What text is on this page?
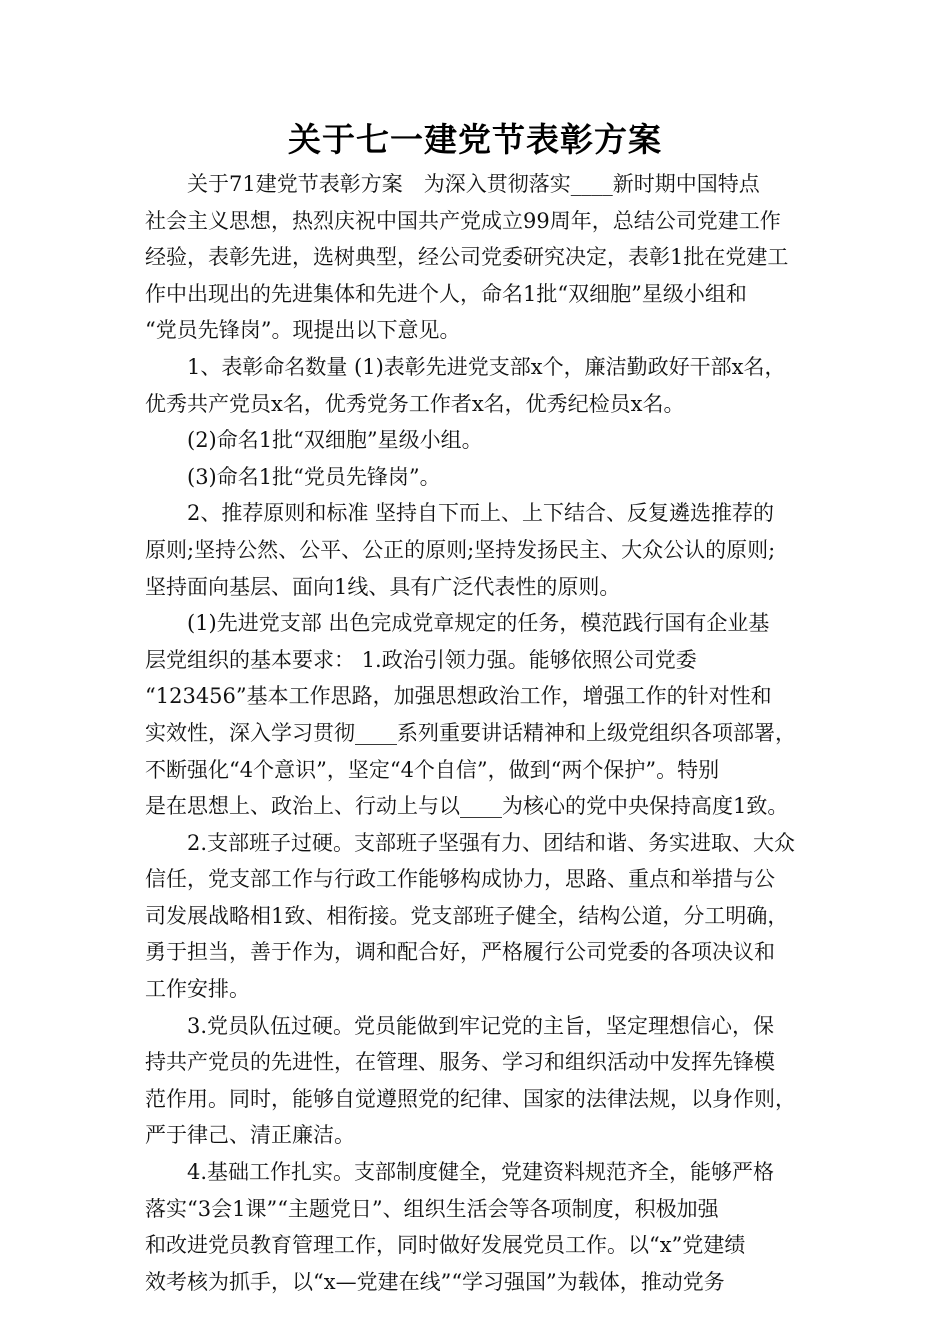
关于七一建党节表彰方案
关于71建党节表彰方案　为深入贯彻落实____新时期中国特点
社会主义思想，热烈庆祝中国共产党成立99周年，总结公司党建工作
经验，表彰先进，选树典型，经公司党委研究决定，表彰1批在党建工
作中出现出的先进集体和先进个人，命名1批“双细胞”星级小组和
“党员先锋岗”。现提出以下意见。
1、表彰命名数量 (1)表彰先进党支部x个，廉洁勤政好干部x名，
优秀共产党员x名，优秀党务工作者x名，优秀纪检员x名。
(2)命名1批“双细胞”星级小组。
(3)命名1批“党员先锋岗”。
2、推荐原则和标准 坚持自下而上、上下结合、反复遴选推荐的
原则;坚持公然、公平、公正的原则;坚持发扬民主、大众公认的原则;
坚持面向基层、面向1线、具有广泛代表性的原则。
(1)先进党支部 出色完成党章规定的任务，模范践行国有企业基
层党组织的基本要求： 1.政治引领力强。能够依照公司党委
“123456”基本工作思路，加强思想政治工作，增强工作的针对性和
实效性，深入学习贯彻____系列重要讲话精神和上级党组织各项部署，
不断强化“4个意识”，坚定“4个自信”，做到“两个保护”。特别
是在思想上、政治上、行动上与以____为核心的党中央保持高度1致。
2.支部班子过硬。支部班子坚强有力、团结和谐、务实进取、大众
信任，党支部工作与行政工作能够构成协力，思路、重点和举措与公
司发展战略相1致、相衔接。党支部班子健全，结构公道，分工明确，
勇于担当，善于作为，调和配合好，严格履行公司党委的各项决议和
工作安排。
3.党员队伍过硬。党员能做到牢记党的主旨，坚定理想信心，保
持共产党员的先进性，在管理、服务、学习和组织活动中发挥先锋模
范作用。同时，能够自觉遵照党的纪律、国家的法律法规，以身作则，
严于律己、清正廉洁。
4.基础工作扎实。支部制度健全，党建资料规范齐全，能够严格
落实“3会1课”“主题党日”、组织生活会等各项制度，积极加强
和改进党员教育管理工作，同时做好发展党员工作。以“x”党建绩
效考核为抓手，以“x—党建在线”“学习强国”为载体，推动党务
